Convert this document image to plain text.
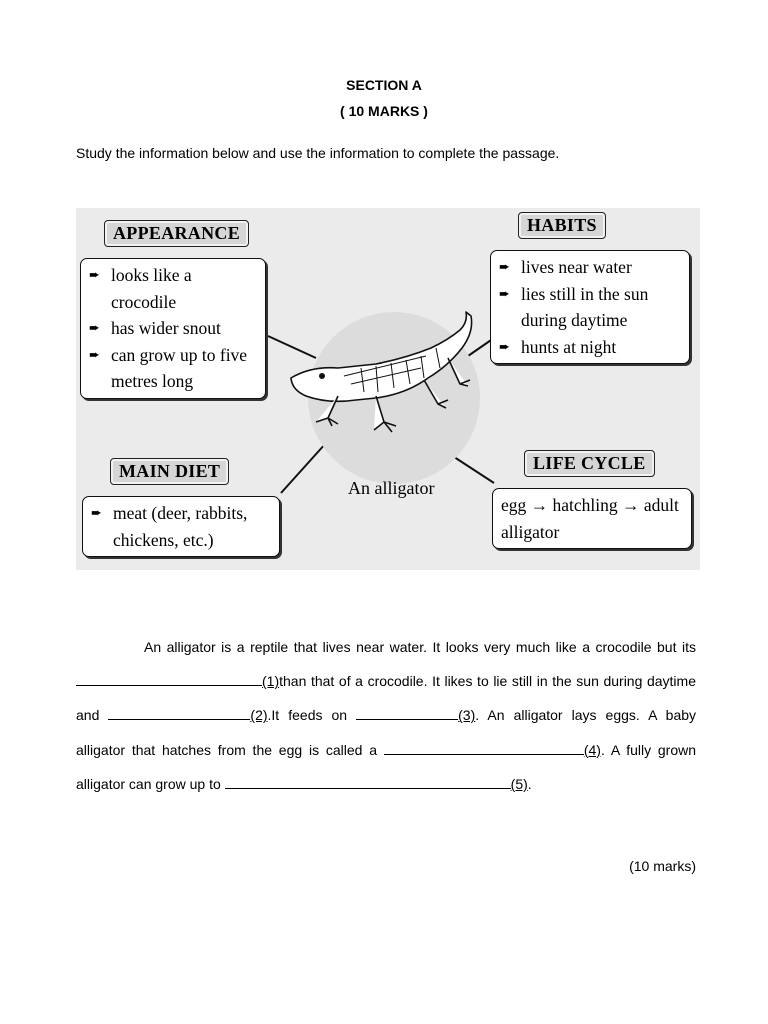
SECTION A
( 10 MARKS )
Study the information below and use the information to complete the passage.
APPEARANCE
➨ looks like a crocodile
➨ has wider snout
➨ can grow up to five metres long
HABITS
➨ lives near water
➨ lies still in the sun during daytime
➨ hunts at night
MAIN DIET
➨ meat (deer, rabbits, chickens, etc.)
LIFE CYCLE
egg → hatchling → adult alligator
An alligator
An alligator is a reptile that lives near water. It looks very much like a crocodile but its (1)than that of a crocodile. It likes to lie still in the sun during daytime and	(2).It feeds on	(3). An alligator lays eggs. A baby alligator that hatches from the egg is called a	(4). A fully grown alligator can grow up to	(5).
(10 marks)
